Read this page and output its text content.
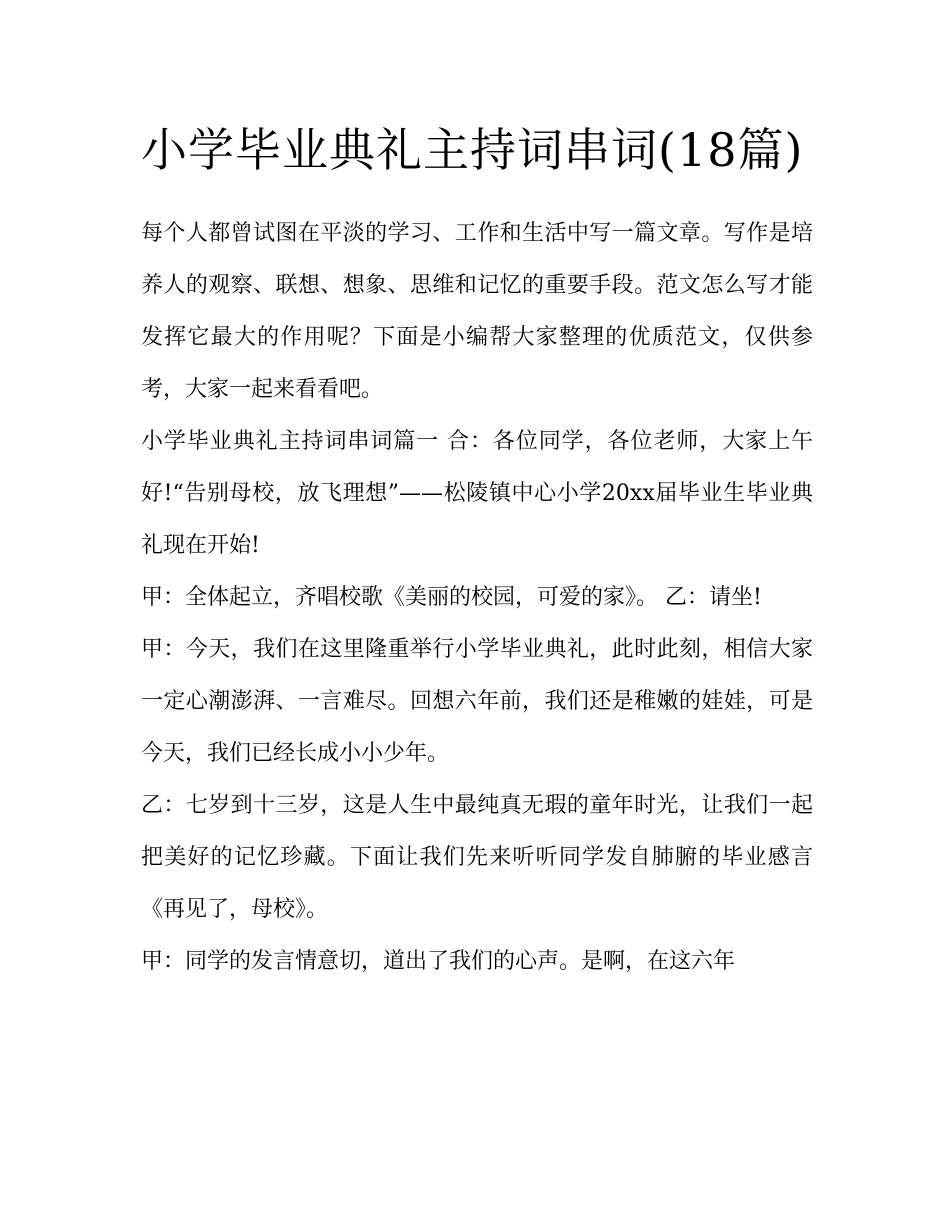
小学毕业典礼主持词串词(18篇)

每个人都曾试图在平淡的学习、工作和生活中写一篇文章。写作是培养人的观察、联想、想象、思维和记忆的重要手段。范文怎么写才能发挥它最大的作用呢？下面是小编帮大家整理的优质范文，仅供参考，大家一起来看看吧。

小学毕业典礼主持词串词篇一 合：各位同学，各位老师，大家上午好!“告别母校，放飞理想”——松陵镇中心小学20xx届毕业生毕业典礼现在开始!

甲：全体起立，齐唱校歌《美丽的校园，可爱的家》。 乙：请坐!

甲：今天，我们在这里隆重举行小学毕业典礼，此时此刻，相信大家一定心潮澎湃、一言难尽。回想六年前，我们还是稚嫩的娃娃，可是今天，我们已经长成小小少年。

乙：七岁到十三岁，这是人生中最纯真无瑕的童年时光，让我们一起把美好的记忆珍藏。下面让我们先来听听同学发自肺腑的毕业感言《再见了，母校》。

甲：同学的发言情意切，道出了我们的心声。是啊，在这六年
